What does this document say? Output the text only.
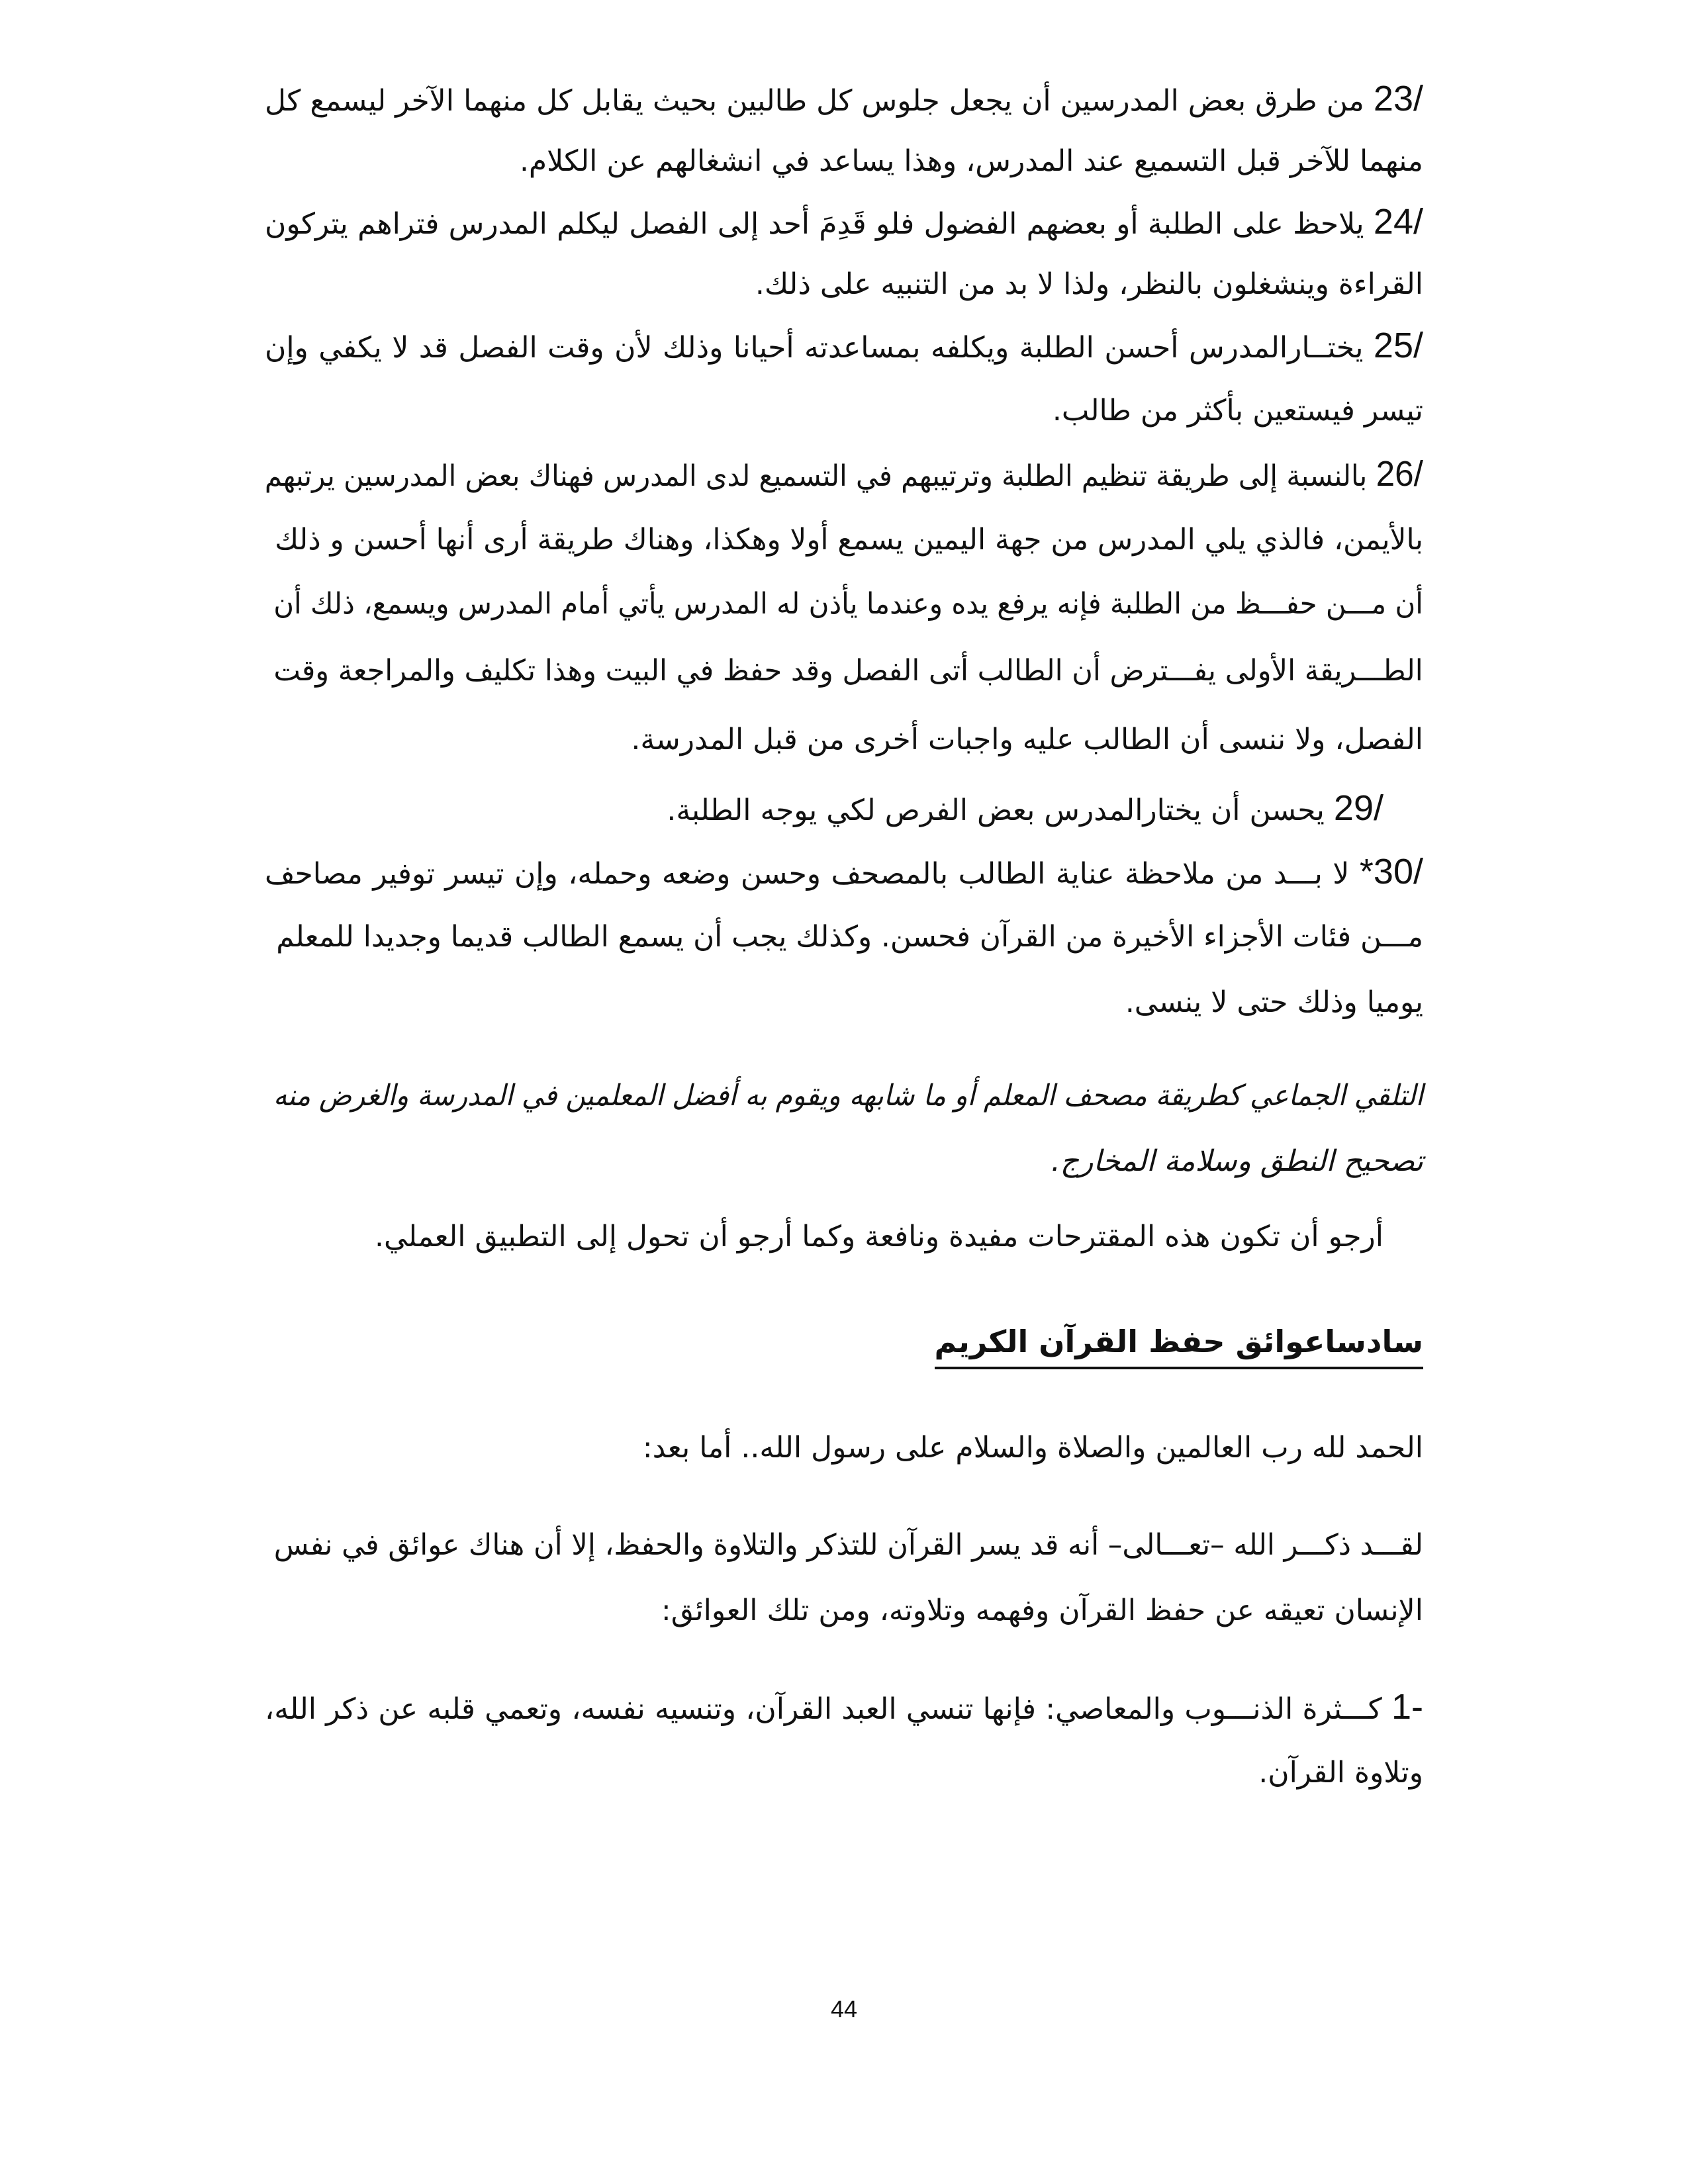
23/ من طرق بعض المدرسين أن يجعل جلوس كل طالبين بحيث يقابل كل منهما الآخر ليسمع كل
منهما للآخر قبل التسميع عند المدرس، وهذا يساعد في انشغالهم عن الكلام.
24/ يلاحظ على الطلبة أو بعضهم الفضول فلو قَدِمَ أحد إلى الفصل ليكلم المدرس فتراهم يتركون
القراءة وينشغلون بالنظر، ولذا لا بد من التنبيه على ذلك.
25/ يختــارالمدرس أحسن الطلبة ويكلفه بمساعدته أحيانا وذلك لأن وقت الفصل قد لا يكفي وإن
تيسر فيستعين بأكثر من طالب.
26/ بالنسبة إلى طريقة تنظيم الطلبة وترتيبهم في التسميع لدى المدرس فهناك بعض المدرسين يرتبهم
بالأيمن، فالذي يلي المدرس من جهة اليمين يسمع أولا وهكذا، وهناك طريقة أرى أنها أحسن و ذلك
أن مـــن حفـــظ من الطلبة فإنه يرفع يده وعندما يأذن له المدرس يأتي أمام المدرس ويسمع، ذلك أن
الطـــريقة الأولى يفـــترض أن الطالب أتى الفصل وقد حفظ في البيت وهذا تكليف والمراجعة وقت
الفصل، ولا ننسى أن الطالب عليه واجبات أخرى من قبل المدرسة.
29/ يحسن أن يختارالمدرس بعض الفرص لكي يوجه الطلبة.
*30/ لا بـــد من ملاحظة عناية الطالب بالمصحف وحسن وضعه وحمله، وإن تيسر توفير مصاحف
مـــن فئات الأجزاء الأخيرة من القرآن فحسن. وكذلك يجب أن يسمع الطالب قديما وجديدا للمعلم
يوميا وذلك حتى لا ينسى.
التلقي الجماعي كطريقة مصحف المعلم أو ما شابهه ويقوم به أفضل المعلمين في المدرسة والغرض منه
تصحيح النطق وسلامة المخارج.
أرجو أن تكون هذه المقترحات مفيدة ونافعة وكما أرجو أن تحول إلى التطبيق العملي.
الحمد لله رب العالمين والصلاة والسلام على رسول الله.. أما بعد:
لقـــد ذكـــر الله –تعـــالى– أنه قد يسر القرآن للتذكر والتلاوة والحفظ، إلا أن هناك عوائق في نفس
الإنسان تعيقه عن حفظ القرآن وفهمه وتلاوته، ومن تلك العوائق:
1- كـــثرة الذنـــوب والمعاصي: فإنها تنسي العبد القرآن، وتنسيه نفسه، وتعمي قلبه عن ذكر الله،
وتلاوة القرآن.
سادساعوائق حفظ القرآن الكريم
44
